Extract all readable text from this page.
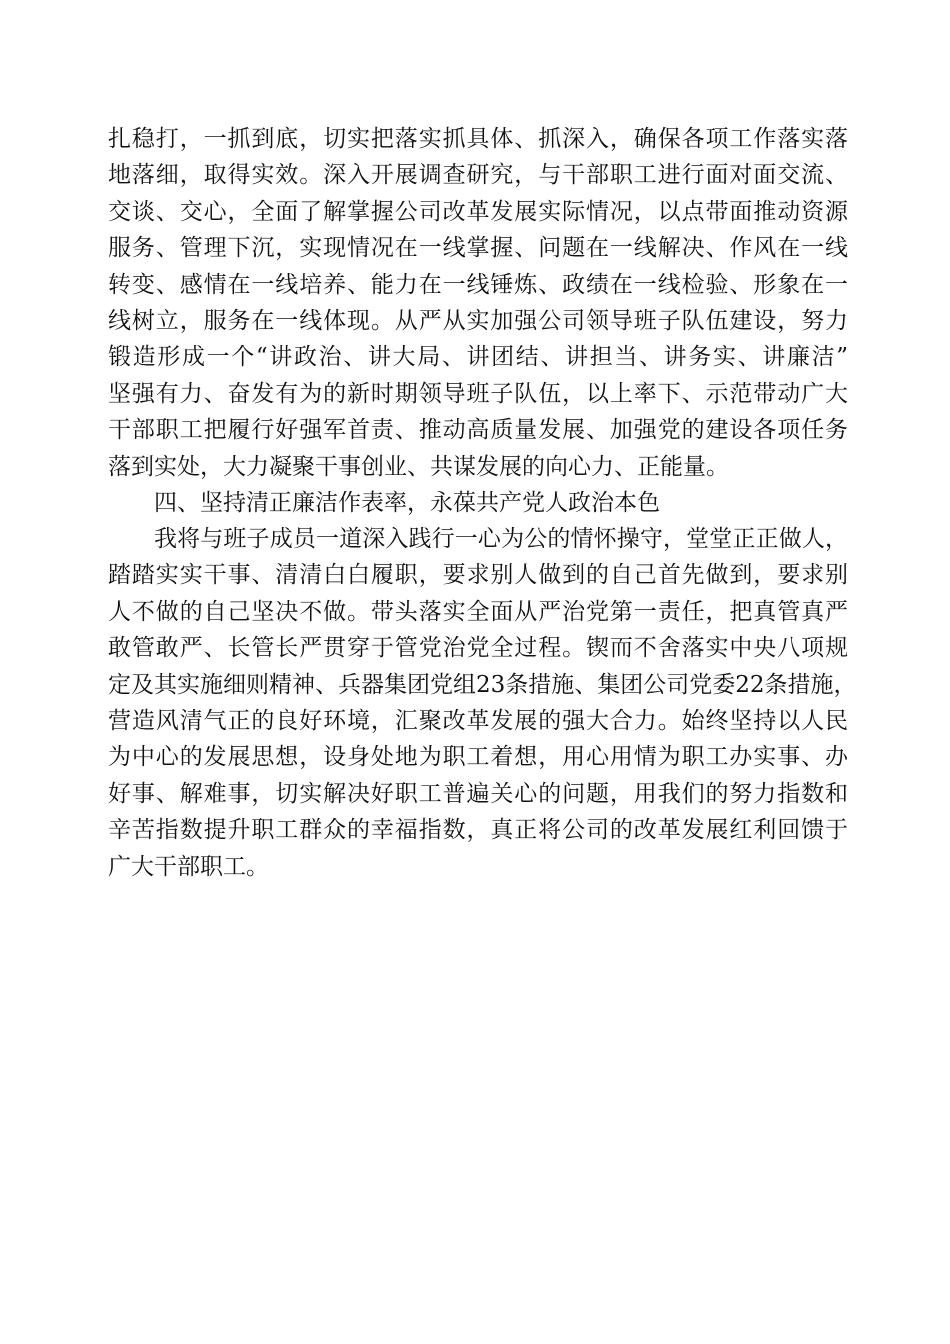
扎稳打，一抓到底，切实把落实抓具体、抓深入，确保各项工作落实落
地落细，取得实效。深入开展调查研究，与干部职工进行面对面交流、
交谈、交心，全面了解掌握公司改革发展实际情况，以点带面推动资源
服务、管理下沉，实现情况在一线掌握、问题在一线解决、作风在一线
转变、感情在一线培养、能力在一线锤炼、政绩在一线检验、形象在一
线树立，服务在一线体现。从严从实加强公司领导班子队伍建设，努力
锻造形成一个“讲政治、讲大局、讲团结、讲担当、讲务实、讲廉洁”
坚强有力、奋发有为的新时期领导班子队伍，以上率下、示范带动广大
干部职工把履行好强军首责、推动高质量发展、加强党的建设各项任务
落到实处，大力凝聚干事创业、共谋发展的向心力、正能量。
四、坚持清正廉洁作表率，永葆共产党人政治本色
我将与班子成员一道深入践行一心为公的情怀操守，堂堂正正做人，
踏踏实实干事、清清白白履职，要求别人做到的自己首先做到，要求别
人不做的自己坚决不做。带头落实全面从严治党第一责任，把真管真严
敢管敢严、长管长严贯穿于管党治党全过程。锲而不舍落实中央八项规
定及其实施细则精神、兵器集团党组23条措施、集团公司党委22条措施，
营造风清气正的良好环境，汇聚改革发展的强大合力。始终坚持以人民
为中心的发展思想，设身处地为职工着想，用心用情为职工办实事、办
好事、解难事，切实解决好职工普遍关心的问题，用我们的努力指数和
辛苦指数提升职工群众的幸福指数，真正将公司的改革发展红利回馈于
广大干部职工。
